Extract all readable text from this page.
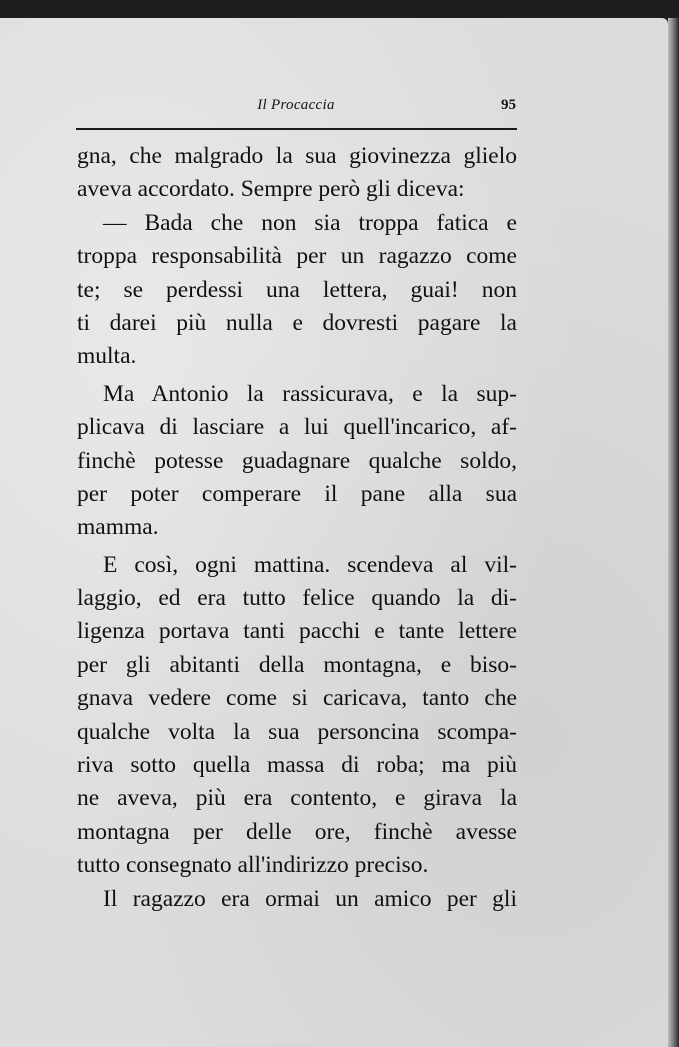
Il Procaccia	95
gna, che malgrado la sua giovinezza glielo
aveva accordato. Sempre però gli diceva:
— Bada che non sia troppa fatica e
troppa responsabilità per un ragazzo come
te; se perdessi una lettera, guai! non
ti darei più nulla e dovresti pagare la
multa.
Ma Antonio la rassicurava, e la sup-
plicava di lasciare a lui quell'incarico, af-
finchè potesse guadagnare qualche soldo,
per poter comperare il pane alla sua
mamma.
E così, ogni mattina. scendeva al vil-
laggio, ed era tutto felice quando la di-
ligenza portava tanti pacchi e tante lettere
per gli abitanti della montagna, e biso-
gnava vedere come si caricava, tanto che
qualche volta la sua personcina scompa-
riva sotto quella massa di roba; ma più
ne aveva, più era contento, e girava la
montagna per delle ore, finchè avesse
tutto consegnato all'indirizzo preciso.
Il ragazzo era ormai un amico per gli
